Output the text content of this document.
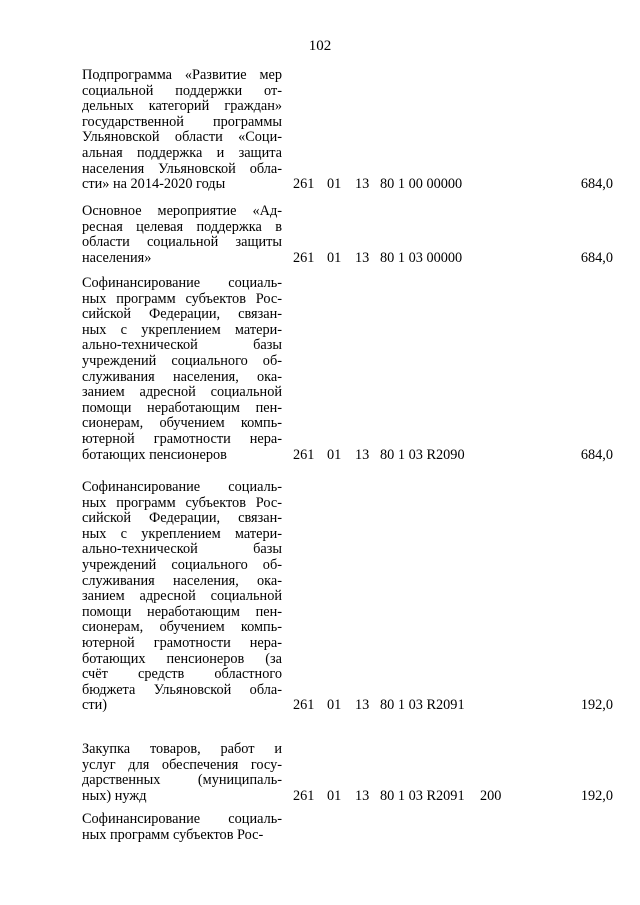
102
Подпрограмма «Развитие мер
социальной поддержки от-
дельных категорий граждан»
государственной программы
Ульяновской области «Соци-
альная поддержка и защита
населения Ульяновской обла-
сти» на 2014-2020 годы	261 01 13 80 1 00 00000	684,0
Основное мероприятие «Ад-
ресная целевая поддержка в
области социальной защиты
населения»	261 01 13 80 1 03 00000	684,0
Софинансирование социаль-
ных программ субъектов Рос-
сийской Федерации, связан-
ных с укреплением матери-
ально-технической базы
учреждений социального об-
служивания населения, ока-
занием адресной социальной
помощи неработающим пен-
сионерам, обучением компь-
ютерной грамотности нера-
ботающих пенсионеров	261 01 13 80 1 03 R2090	684,0
Софинансирование социаль-
ных программ субъектов Рос-
сийской Федерации, связан-
ных с укреплением матери-
ально-технической базы
учреждений социального об-
служивания населения, ока-
занием адресной социальной
помощи неработающим пен-
сионерам, обучением компь-
ютерной грамотности нера-
ботающих пенсионеров (за
счёт средств областного
бюджета Ульяновской обла-
сти)	261 01 13 80 1 03 R2091	192,0
Закупка товаров, работ и
услуг для обеспечения госу-
дарственных (муниципаль-
ных) нужд	261 01 13 80 1 03 R2091 200	192,0
Софинансирование социаль-
ных программ субъектов Рос-
